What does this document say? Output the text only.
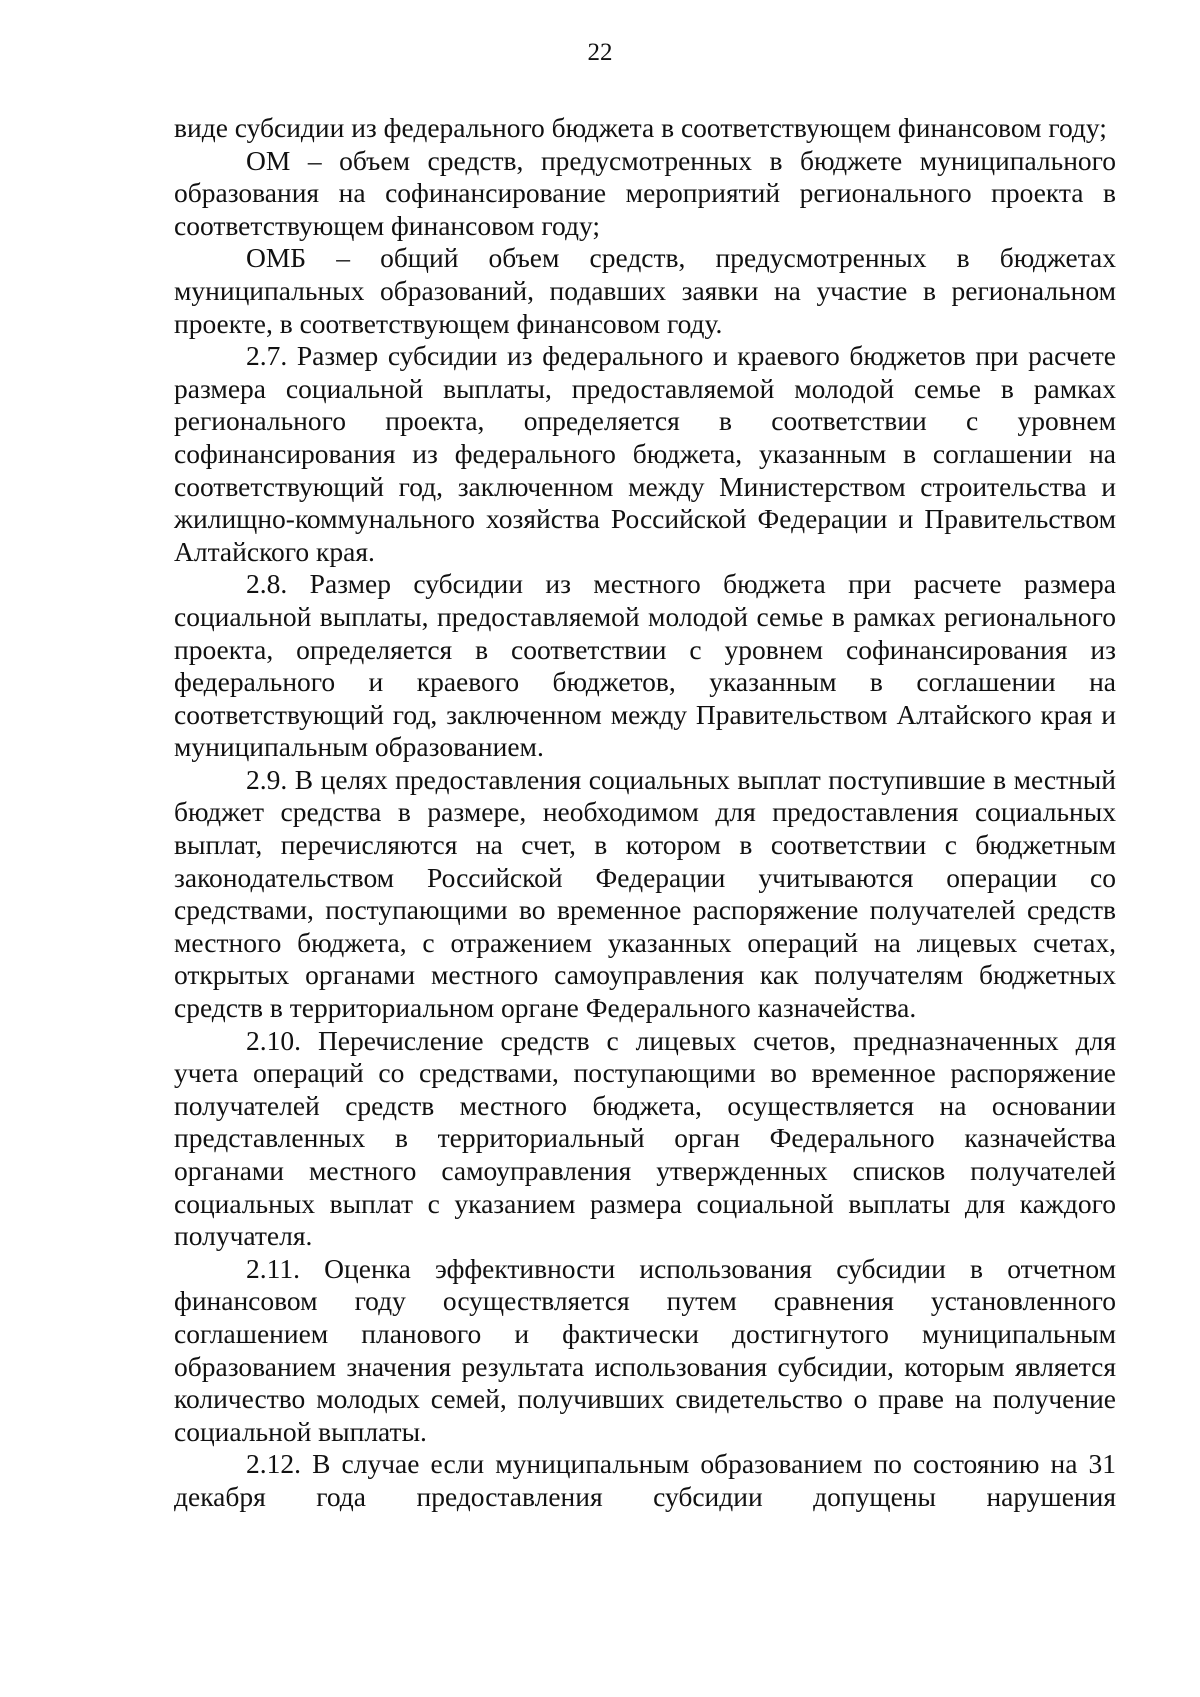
22

виде субсидии из федерального бюджета в соответствующем финансовом году;

ОМ – объем средств, предусмотренных в бюджете муниципального образования на софинансирование мероприятий регионального проекта в соответствующем финансовом году;

ОМБ – общий объем средств, предусмотренных в бюджетах муниципальных образований, подавших заявки на участие в региональном проекте, в соответствующем финансовом году.

2.7. Размер субсидии из федерального и краевого бюджетов при расчете размера социальной выплаты, предоставляемой молодой семье в рамках регионального проекта, определяется в соответствии с уровнем софинансирования из федерального бюджета, указанным в соглашении на соответствующий год, заключенном между Министерством строительства и жилищно-коммунального хозяйства Российской Федерации и Правительством Алтайского края.

2.8. Размер субсидии из местного бюджета при расчете размера социальной выплаты, предоставляемой молодой семье в рамках регионального проекта, определяется в соответствии с уровнем софинансирования из федерального и краевого бюджетов, указанным в соглашении на соответствующий год, заключенном между Правительством Алтайского края и муниципальным образованием.

2.9. В целях предоставления социальных выплат поступившие в местный бюджет средства в размере, необходимом для предоставления социальных выплат, перечисляются на счет, в котором в соответствии с бюджетным законодательством Российской Федерации учитываются операции со средствами, поступающими во временное распоряжение получателей средств местного бюджета, с отражением указанных операций на лицевых счетах, открытых органами местного самоуправления как получателям бюджетных средств в территориальном органе Федерального казначейства.

2.10. Перечисление средств с лицевых счетов, предназначенных для учета операций со средствами, поступающими во временное распоряжение получателей средств местного бюджета, осуществляется на основании представленных в территориальный орган Федерального казначейства органами местного самоуправления утвержденных списков получателей социальных выплат с указанием размера социальной выплаты для каждого получателя.

2.11. Оценка эффективности использования субсидии в отчетном финансовом году осуществляется путем сравнения установленного соглашением планового и фактически достигнутого муниципальным образованием значения результата использования субсидии, которым является количество молодых семей, получивших свидетельство о праве на получение социальной выплаты.

2.12. В случае если муниципальным образованием по состоянию на 31 декабря года предоставления субсидии допущены нарушения
